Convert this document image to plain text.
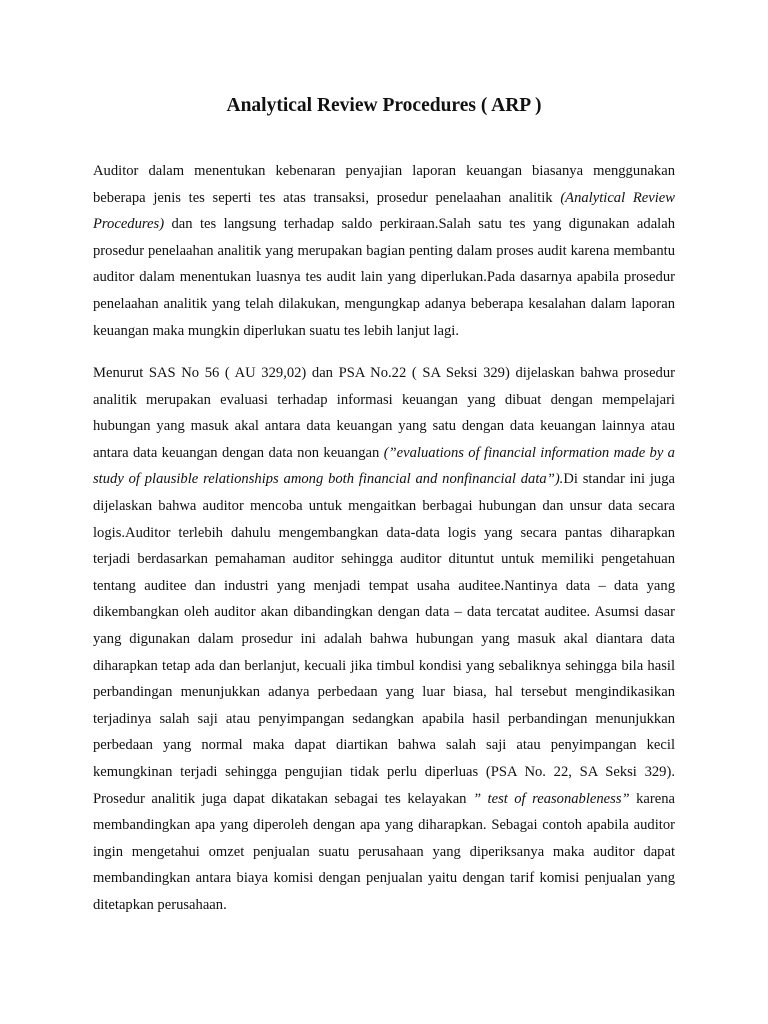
Analytical Review Procedures ( ARP )

Auditor dalam menentukan kebenaran penyajian laporan keuangan biasanya menggunakan beberapa jenis tes seperti tes atas transaksi, prosedur penelaahan analitik (Analytical Review Procedures) dan tes langsung terhadap saldo perkiraan.Salah satu tes yang digunakan adalah prosedur penelaahan analitik yang merupakan bagian penting dalam proses audit karena membantu auditor dalam menentukan luasnya tes audit lain yang diperlukan.Pada dasarnya apabila prosedur penelaahan analitik yang telah dilakukan, mengungkap adanya beberapa kesalahan dalam laporan keuangan maka mungkin diperlukan suatu tes lebih lanjut lagi.

Menurut SAS No 56 ( AU 329,02) dan PSA No.22 ( SA Seksi 329) dijelaskan bahwa prosedur analitik merupakan evaluasi terhadap informasi keuangan yang dibuat dengan mempelajari hubungan yang masuk akal antara data keuangan yang satu dengan data keuangan lainnya atau antara data keuangan dengan data non keuangan (”evaluations of financial information made by a study of plausible relationships among both financial and nonfinancial data”).Di standar ini juga dijelaskan bahwa auditor mencoba untuk mengaitkan berbagai hubungan dan unsur data secara logis.Auditor terlebih dahulu mengembangkan data-data logis yang secara pantas diharapkan terjadi berdasarkan pemahaman auditor sehingga auditor dituntut untuk memiliki pengetahuan tentang auditee dan industri yang menjadi tempat usaha auditee.Nantinya data – data yang dikembangkan oleh auditor akan dibandingkan dengan data – data tercatat auditee. Asumsi dasar yang digunakan dalam prosedur ini adalah bahwa hubungan yang masuk akal diantara data diharapkan tetap ada dan berlanjut, kecuali jika timbul kondisi yang sebaliknya sehingga bila hasil perbandingan menunjukkan adanya perbedaan yang luar biasa, hal tersebut mengindikasikan terjadinya salah saji atau penyimpangan sedangkan apabila hasil perbandingan menunjukkan perbedaan yang normal maka dapat diartikan bahwa salah saji atau penyimpangan kecil kemungkinan terjadi sehingga pengujian tidak perlu diperluas (PSA No. 22, SA Seksi 329). Prosedur analitik juga dapat dikatakan sebagai tes kelayakan ” test of reasonableness” karena membandingkan apa yang diperoleh dengan apa yang diharapkan. Sebagai contoh apabila auditor ingin mengetahui omzet penjualan suatu perusahaan yang diperiksanya maka auditor dapat membandingkan antara biaya komisi dengan penjualan yaitu dengan tarif komisi penjualan yang ditetapkan perusahaan.
